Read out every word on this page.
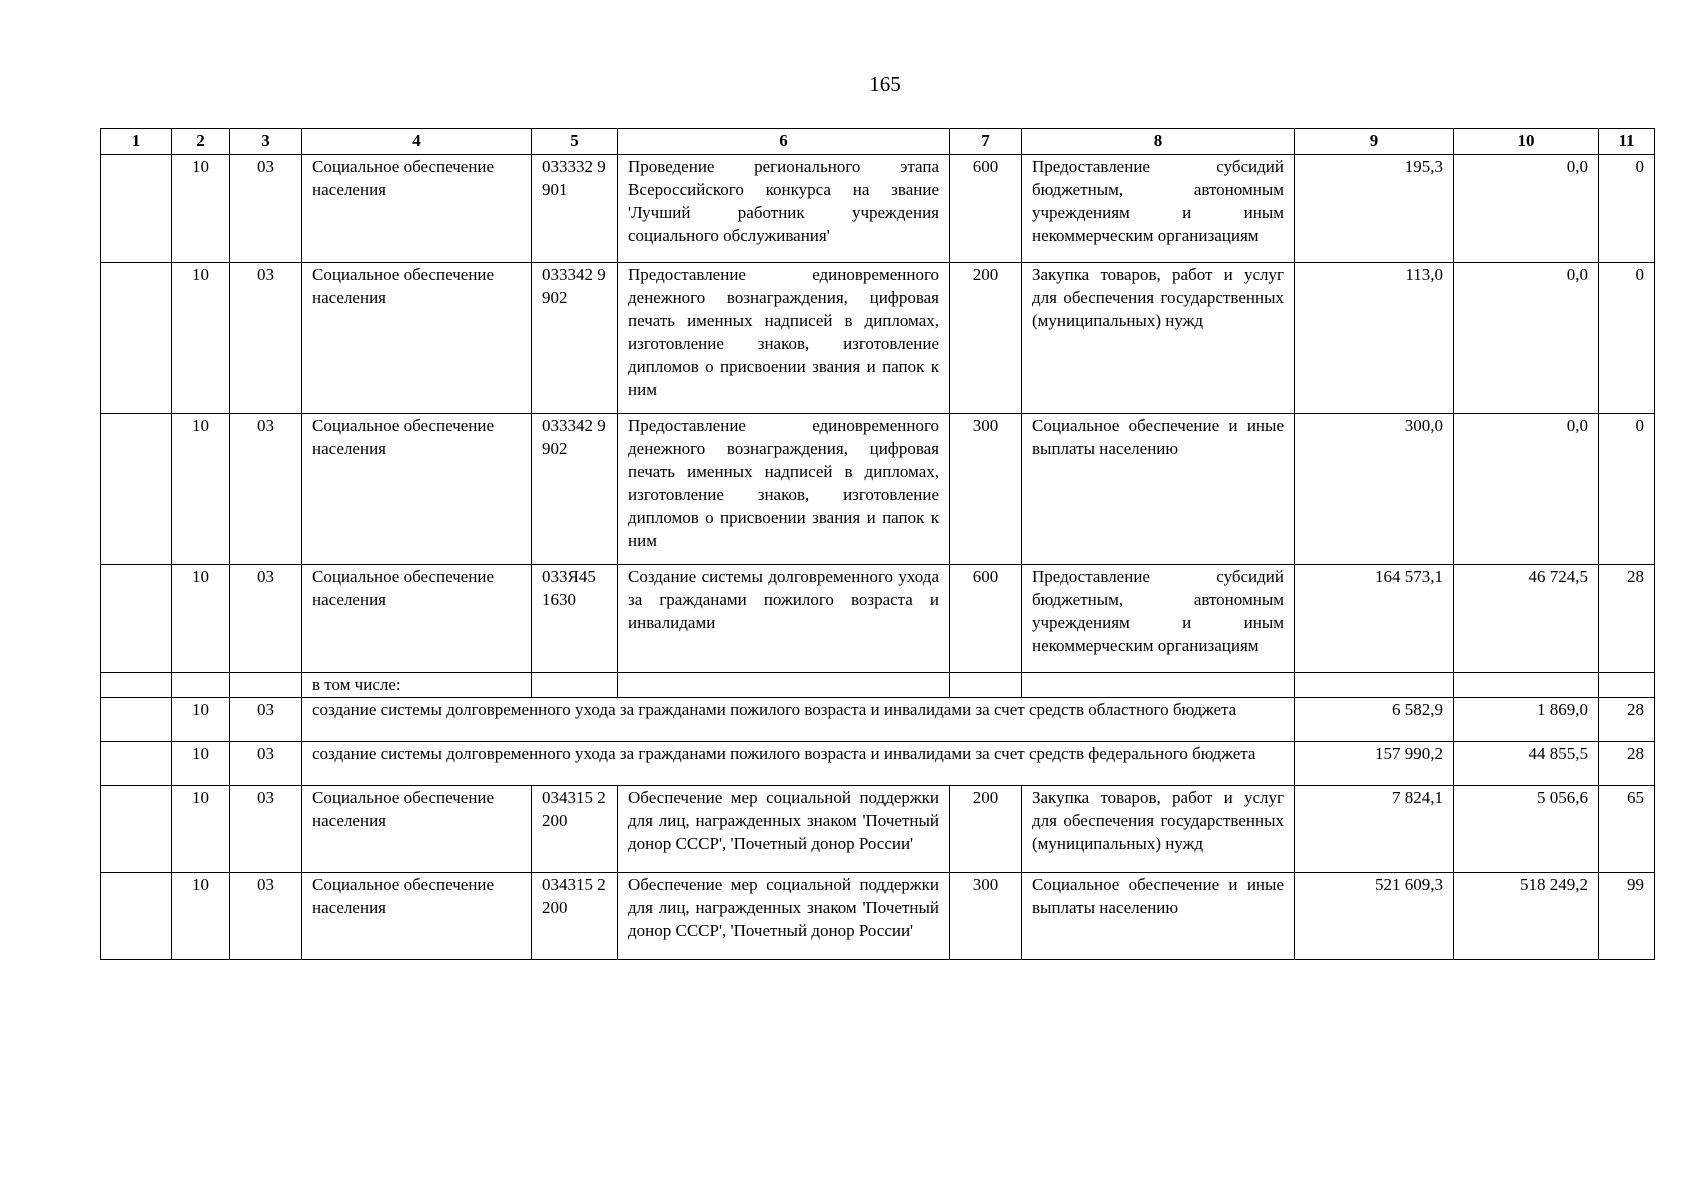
165
1	2	3	4	5	6	7	8	9	10	11
	10	03	Социальное обеспечение населения	033332 9901	Проведение регионального этапа Всероссийского конкурса на звание 'Лучший работник учреждения социального обслуживания'	600	Предоставление субсидий бюджетным, автономным учреждениям и иным некоммерческим организациям	195,3	0,0	0
	10	03	Социальное обеспечение населения	033342 9902	Предоставление единовременного денежного вознаграждения, цифровая печать именных надписей в дипломах, изготовление знаков, изготовление дипломов о присвоении звания и папок к ним	200	Закупка товаров, работ и услуг для обеспечения государственных (муниципальных) нужд	113,0	0,0	0
	10	03	Социальное обеспечение населения	033342 9902	Предоставление единовременного денежного вознаграждения, цифровая печать именных надписей в дипломах, изготовление знаков, изготовление дипломов о присвоении звания и папок к ним	300	Социальное обеспечение и иные выплаты населению	300,0	0,0	0
	10	03	Социальное обеспечение населения	033Я45 1630	Создание системы долговременного ухода за гражданами пожилого возраста и инвалидами	600	Предоставление субсидий бюджетным, автономным учреждениям и иным некоммерческим организациям	164 573,1	46 724,5	28
			в том числе:							
	10	03	создание системы долговременного ухода за гражданами пожилого возраста и инвалидами за счет средств областного бюджета					6 582,9	1 869,0	28
	10	03	создание системы долговременного ухода за гражданами пожилого возраста и инвалидами за счет средств федерального бюджета					157 990,2	44 855,5	28
	10	03	Социальное обеспечение населения	034315 2200	Обеспечение мер социальной поддержки для лиц, награжденных знаком 'Почетный донор СССР', 'Почетный донор России'	200	Закупка товаров, работ и услуг для обеспечения государственных (муниципальных) нужд	7 824,1	5 056,6	65
	10	03	Социальное обеспечение населения	034315 2200	Обеспечение мер социальной поддержки для лиц, награжденных знаком 'Почетный донор СССР', 'Почетный донор России'	300	Социальное обеспечение и иные выплаты населению	521 609,3	518 249,2	99
